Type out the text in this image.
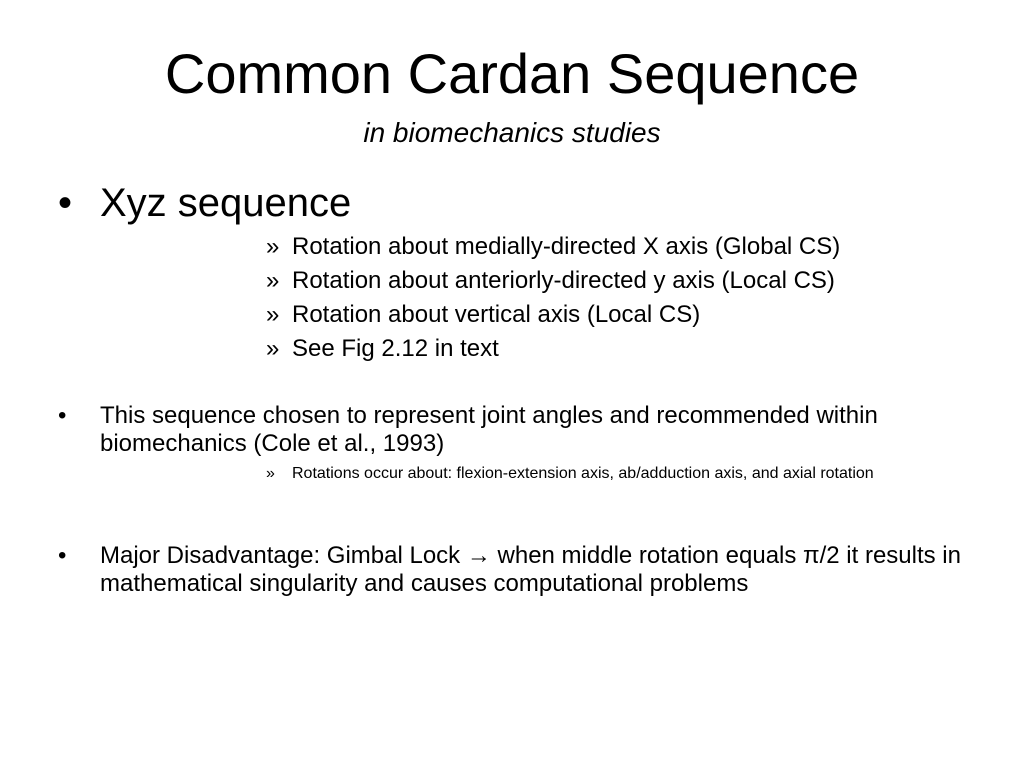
Common Cardan Sequence
in biomechanics studies
• Xyz sequence
» Rotation about medially-directed X axis (Global CS)
» Rotation about anteriorly-directed y axis (Local CS)
» Rotation about vertical axis (Local CS)
» See Fig 2.12 in text
• This sequence chosen to represent joint angles and recommended within biomechanics (Cole et al., 1993)
» Rotations occur about: flexion-extension axis, ab/adduction axis, and axial rotation
• Major Disadvantage: Gimbal Lock → when middle rotation equals π/2 it results in mathematical singularity and causes computational problems
